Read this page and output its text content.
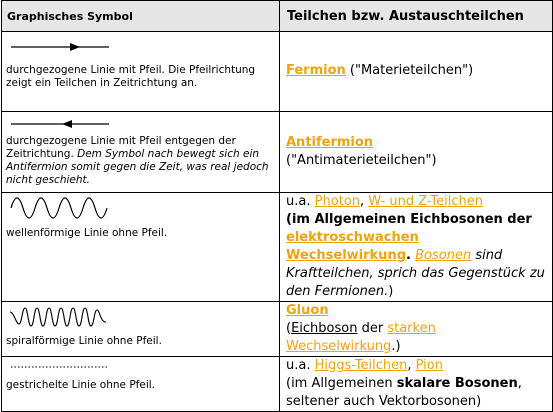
Graphisches Symbol	Teilchen bzw. Austauschteilchen

durchgezogene Linie mit Pfeil. Die Pfeilrichtung zeigt ein Teilchen in Zeitrichtung an.	Fermion ("Materieteilchen")

durchgezogene Linie mit Pfeil entgegen der Zeitrichtung. Dem Symbol nach bewegt sich ein Antifermion somit gegen die Zeit, was real jedoch nicht geschieht.	Antifermion
("Antimaterieteilchen")

wellenförmige Linie ohne Pfeil.	u.a. Photon, W- und Z-Teilchen
(im Allgemeinen Eichbosonen der elektroschwachen Wechselwirkung. Bosonen sind Kraftteilchen, sprich das Gegenstück zu den Fermionen.)

spiralförmige Linie ohne Pfeil.	Gluon
(Eichboson der starken Wechselwirkung.)

gestrichelte Linie ohne Pfeil.	u.a. Higgs-Teilchen, Pion
(im Allgemeinen skalare Bosonen, seltener auch Vektorbosonen)
